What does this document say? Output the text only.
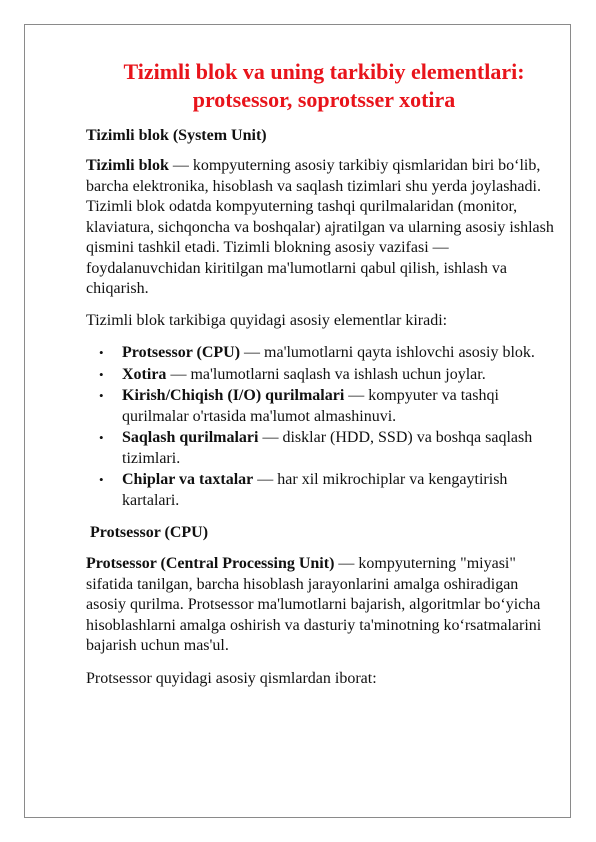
Tizimli blok va uning tarkibiy elementlari:
protsessor, soprotsser xotira
Tizimli blok (System Unit)

Tizimli blok — kompyuterning asosiy tarkibiy qismlaridan biri bo‘lib, barcha elektronika, hisoblash va saqlash tizimlari shu yerda joylashadi. Tizimli blok odatda kompyuterning tashqi qurilmalaridan (monitor, klaviatura, sichqoncha va boshqalar) ajratilgan va ularning asosiy ishlash qismini tashkil etadi. Tizimli blokning asosiy vazifasi — foydalanuvchidan kiritilgan ma'lumotlarni qabul qilish, ishlash va chiqarish.

Tizimli blok tarkibiga quyidagi asosiy elementlar kiradi:

• Protsessor (CPU) — ma'lumotlarni qayta ishlovchi asosiy blok.
• Xotira — ma'lumotlarni saqlash va ishlash uchun joylar.
• Kirish/Chiqish (I/O) qurilmalari — kompyuter va tashqi qurilmalar o'rtasida ma'lumot almashinuvi.
• Saqlash qurilmalari — disklar (HDD, SSD) va boshqa saqlash tizimlari.
• Chiplar va taxtalar — har xil mikrochiplar va kengaytirish kartalari.
Protsessor (CPU)

Protsessor (Central Processing Unit) — kompyuterning "miyasi" sifatida tanilgan, barcha hisoblash jarayonlarini amalga oshiradigan asosiy qurilma. Protsessor ma'lumotlarni bajarish, algoritmlar bo‘yicha hisoblashlarni amalga oshirish va dasturiy ta'minotning ko‘rsatmalarini bajarish uchun mas'ul.

Protsessor quyidagi asosiy qismlardan iborat:
